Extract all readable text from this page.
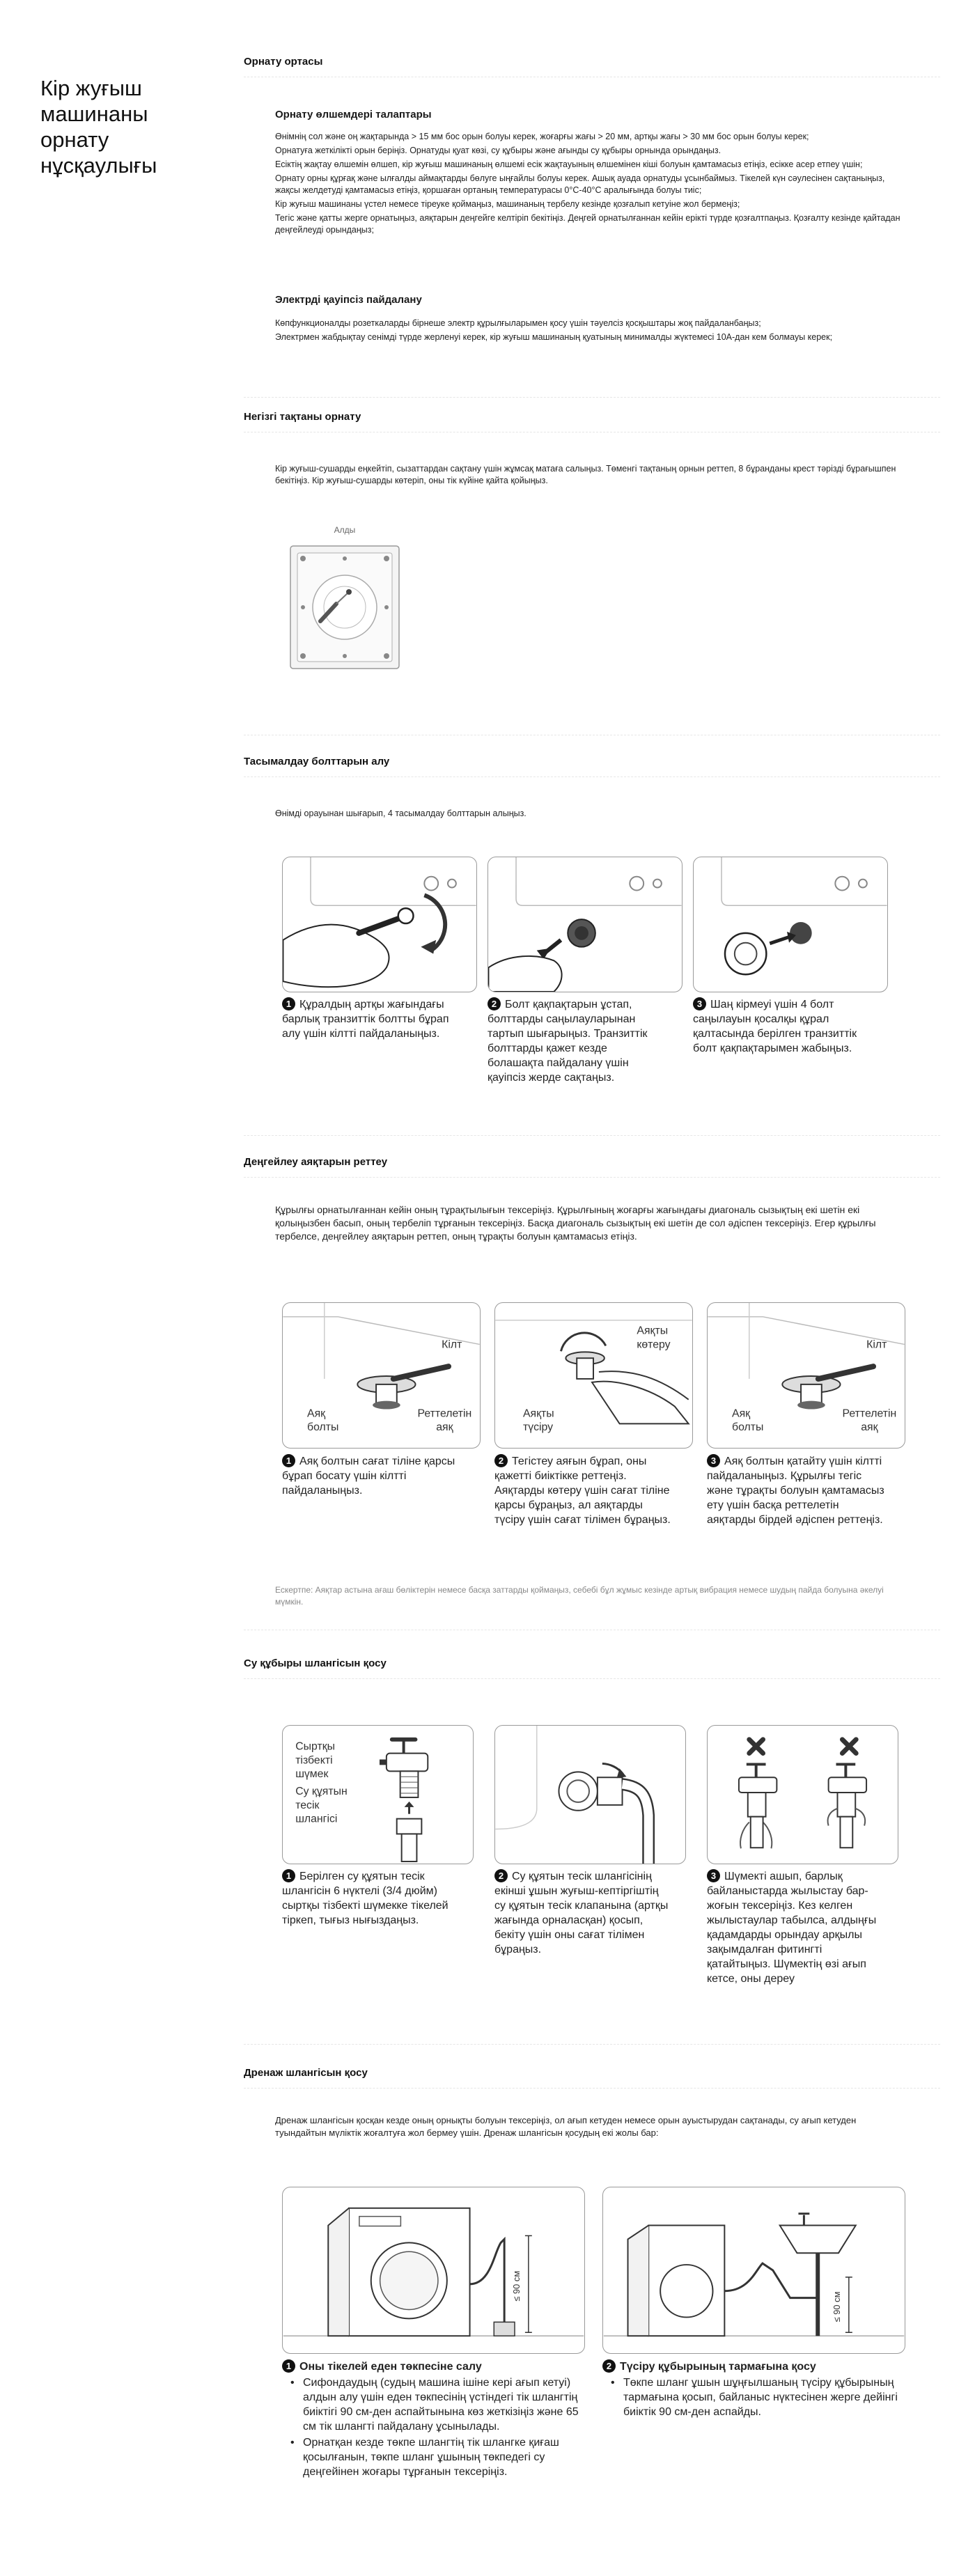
Кір жуғыш машинаны орнату нұсқаулығы
Орнату ортасы
Орнату өлшемдері талаптары

Өнімнің сол және оң жақтарында > 15 мм бос орын болуы керек, жоғарғы жағы > 20 мм, артқы жағы > 30 мм бос орын болуы керек;

Орнатуға жеткілікті орын беріңіз. Орнатуды қуат көзі, су құбыры және ағынды су құбыры орнында орындаңыз.

Есіктің жақтау өлшемін өлшеп, кір жуғыш машинаның өлшемі есік жақтауының өлшемінен кіші болуын қамтамасыз етіңіз, есікке асер етпеу үшін;

Орнату орны құрғақ және ылғалды аймақтарды бөлуге ыңғайлы болуы керек. Ашық ауада орнатуды ұсынбаймыз. Тікелей күн сәулесінен сақтаныңыз, жақсы желдетуді қамтамасыз етіңіз, қоршаған ортаның температурасы 0°C-40°C аралығында болуы тиіс;

Кір жуғыш машинаны үстел немесе тіреуке қоймаңыз, машинаның тербелу кезінде қозғалып кетуіне жол бермеңіз;

Тегіс және қатты жерге орнатыңыз, аяқтарын деңгейге келтіріп бекітіңіз. Деңгей орнатылғаннан кейін еріктi түрде қозғалтпаңыз. Қозғалту кезінде қайтадан деңгейлеуді орындаңыз;

Электрді қауіпсіз пайдалану

Көпфункционалды розеткаларды бірнеше электр құрылғыларымен қосу үшін тәуелсіз қосқыштары жоқ пайдаланбаңыз;

Электрмен жабдықтау сенімді түрде жерленуі керек, кір жуғыш машинаның қуатының минималды жүктемесі 10А-дан кем болмауы керек;

Негізгі тақтаны орнату
Кір жуғыш-сушарды еңкейтіп, сызаттардан сақтану үшін жұмсақ матаға салыңыз. Төменгі тақтаның орнын реттеп, 8 бұранданы крест тәрізді бұрағышпен бекітіңіз. Кір жуғыш-сушарды көтеріп, оны тік күйіне қайта қойыңыз.
Алды
Тасымалдау болттарын алу
Өнімді орауынан шығарып, 4 тасымалдау болттарын алыңыз.
1 Құралдың артқы жағындағы барлық транзиттік болтты бұрап алу үшін кілтті пайдаланыңыз.
2 Болт қақпақтарын ұстап, болттарды саңылауларынан тартып шығарыңыз. Транзиттік болттарды қажет кезде болашақта пайдалану үшін қауіпсіз жерде сақтаңыз.
3 Шаң кірмеуі үшін 4 болт саңылауын қосалқы құрал қалтасында берілген транзиттік болт қақпақтарымен жабыңыз.
Деңгейлеу аяқтарын реттеу
Құрылғы орнатылғаннан кейін оның тұрақтылығын тексеріңіз. Құрылғының жоғарғы жағындағы диагональ сызықтың екі шетін екі қолыңызбен басып, оның тербеліп тұрғанын тексеріңіз. Басқа диагональ сызықтың екі шетін де сол әдіспен тексеріңіз. Егер құрылғы тербелсе, деңгейлеу аяқтарын реттеп, оның тұрақты болуын қамтамасыз етіңіз.
Кілт
Аяқ
болты
Реттелетін
аяқ
Аяқты
көтеру
Аяқты
түсіру
Кілт
Аяқ
болты
Реттелетін
аяқ
1 Аяқ болтын сағат тіліне қарсы бұрап босату үшін кілтті пайдаланыңыз.
2 Тегістеу аяғын бұрап, оны қажетті биіктікке реттеңіз. Аяқтарды көтеру үшін сағат тіліне қарсы бұраңыз, ал аяқтарды түсіру үшін сағат тілімен бұраңыз.
3 Аяқ болтын қатайту үшін кілтті пайдаланыңыз. Құрылғы тегіс және тұрақты болуын қамтамасыз ету үшін басқа реттелетін аяқтарды бірдей әдіспен реттеңіз.
Ескертпе: Аяқтар астына ағаш бөліктерін немесе басқа заттарды қоймаңыз, себебі бұл жұмыс кезінде артық вибрация немесе шудың пайда болуына әкелуі мүмкін.
Су құбыры шлангісын қосу
Сыртқы
тізбекті
шүмек
Су құятын
тесік
шлангісі
1 Берілген су құятын тесік шлангісін 6 нүктелі (3/4 дюйм) сыртқы тізбекті шүмекке тікелей тіркеп, тығыз нығыздаңыз.
2 Су құятын тесік шлангісінің екінші ұшын жуғыш-кептіргіштің су құятын тесік клапанына (артқы жағында орналасқан) қосып, бекіту үшін оны сағат тілімен бұраңыз.
3 Шүмекті ашып, барлық байланыстарда жылыстау бар-жоғын тексеріңіз. Кез келген жылыстаулар табылса, алдыңғы қадамдарды орындау арқылы зақымдалған фитингті қатайтыңыз. Шүмектің өзі ағып кетсе, оны дереу
Дренаж шлангісын қосу
Дренаж шлангісын қосқан кезде оның орнықты болуын тексеріңіз, ол ағып кетуден немесе орын ауыстырудан сақтанады, су ағып кетуден туындайтын мүліктік жоғалтуға жол бермеу үшін. Дренаж шлангісын қосудың екі жолы бар:
≤ 90 см
≤ 90 см
1 Оны тікелей еден төкпесіне салу
• Сифондаудың (судың машина ішіне кері ағып кетуі) алдын алу үшін еден төкпесінің үстіндегі тік шлангтің биіктігі 90 см-ден аспайтынына көз жеткізіңіз және 65 см тік шлангті пайдалану ұсынылады.
• Орнатқан кезде төкпе шлангтің тік шлангке қиғаш қосылғанын, төкпе шланг ұшының төкпедегі су деңгейінен жоғары тұрғанын тексеріңіз.
2 Түсіру құбырының тармағына қосу
• Төкпе шланг ұшын шұңғылшаның түсіру құбырының тармағына қосып, байланыс нүктесінен жерге дейінгі биіктік 90 см-ден аспайды.
